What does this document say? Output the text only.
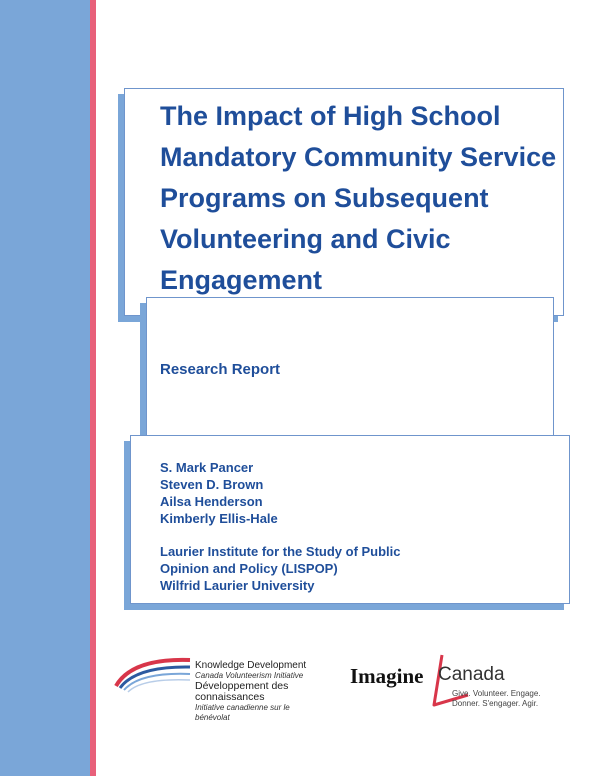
The Impact of High School Mandatory Community Service Programs on Subsequent Volunteering and Civic Engagement

Research Report

S. Mark Pancer
Steven D. Brown
Ailsa Henderson
Kimberly Ellis-Hale
Laurier Institute for the Study of Public
Opinion and Policy (LISPOP)
Wilfrid Laurier University
Knowledge Development
Canada Volunteerism Initiative
Développement des connaissances
Initiative canadienne sur le bénévolat
Imagine Canada
Give. Volunteer. Engage.
Donner. S'engager. Agir.
